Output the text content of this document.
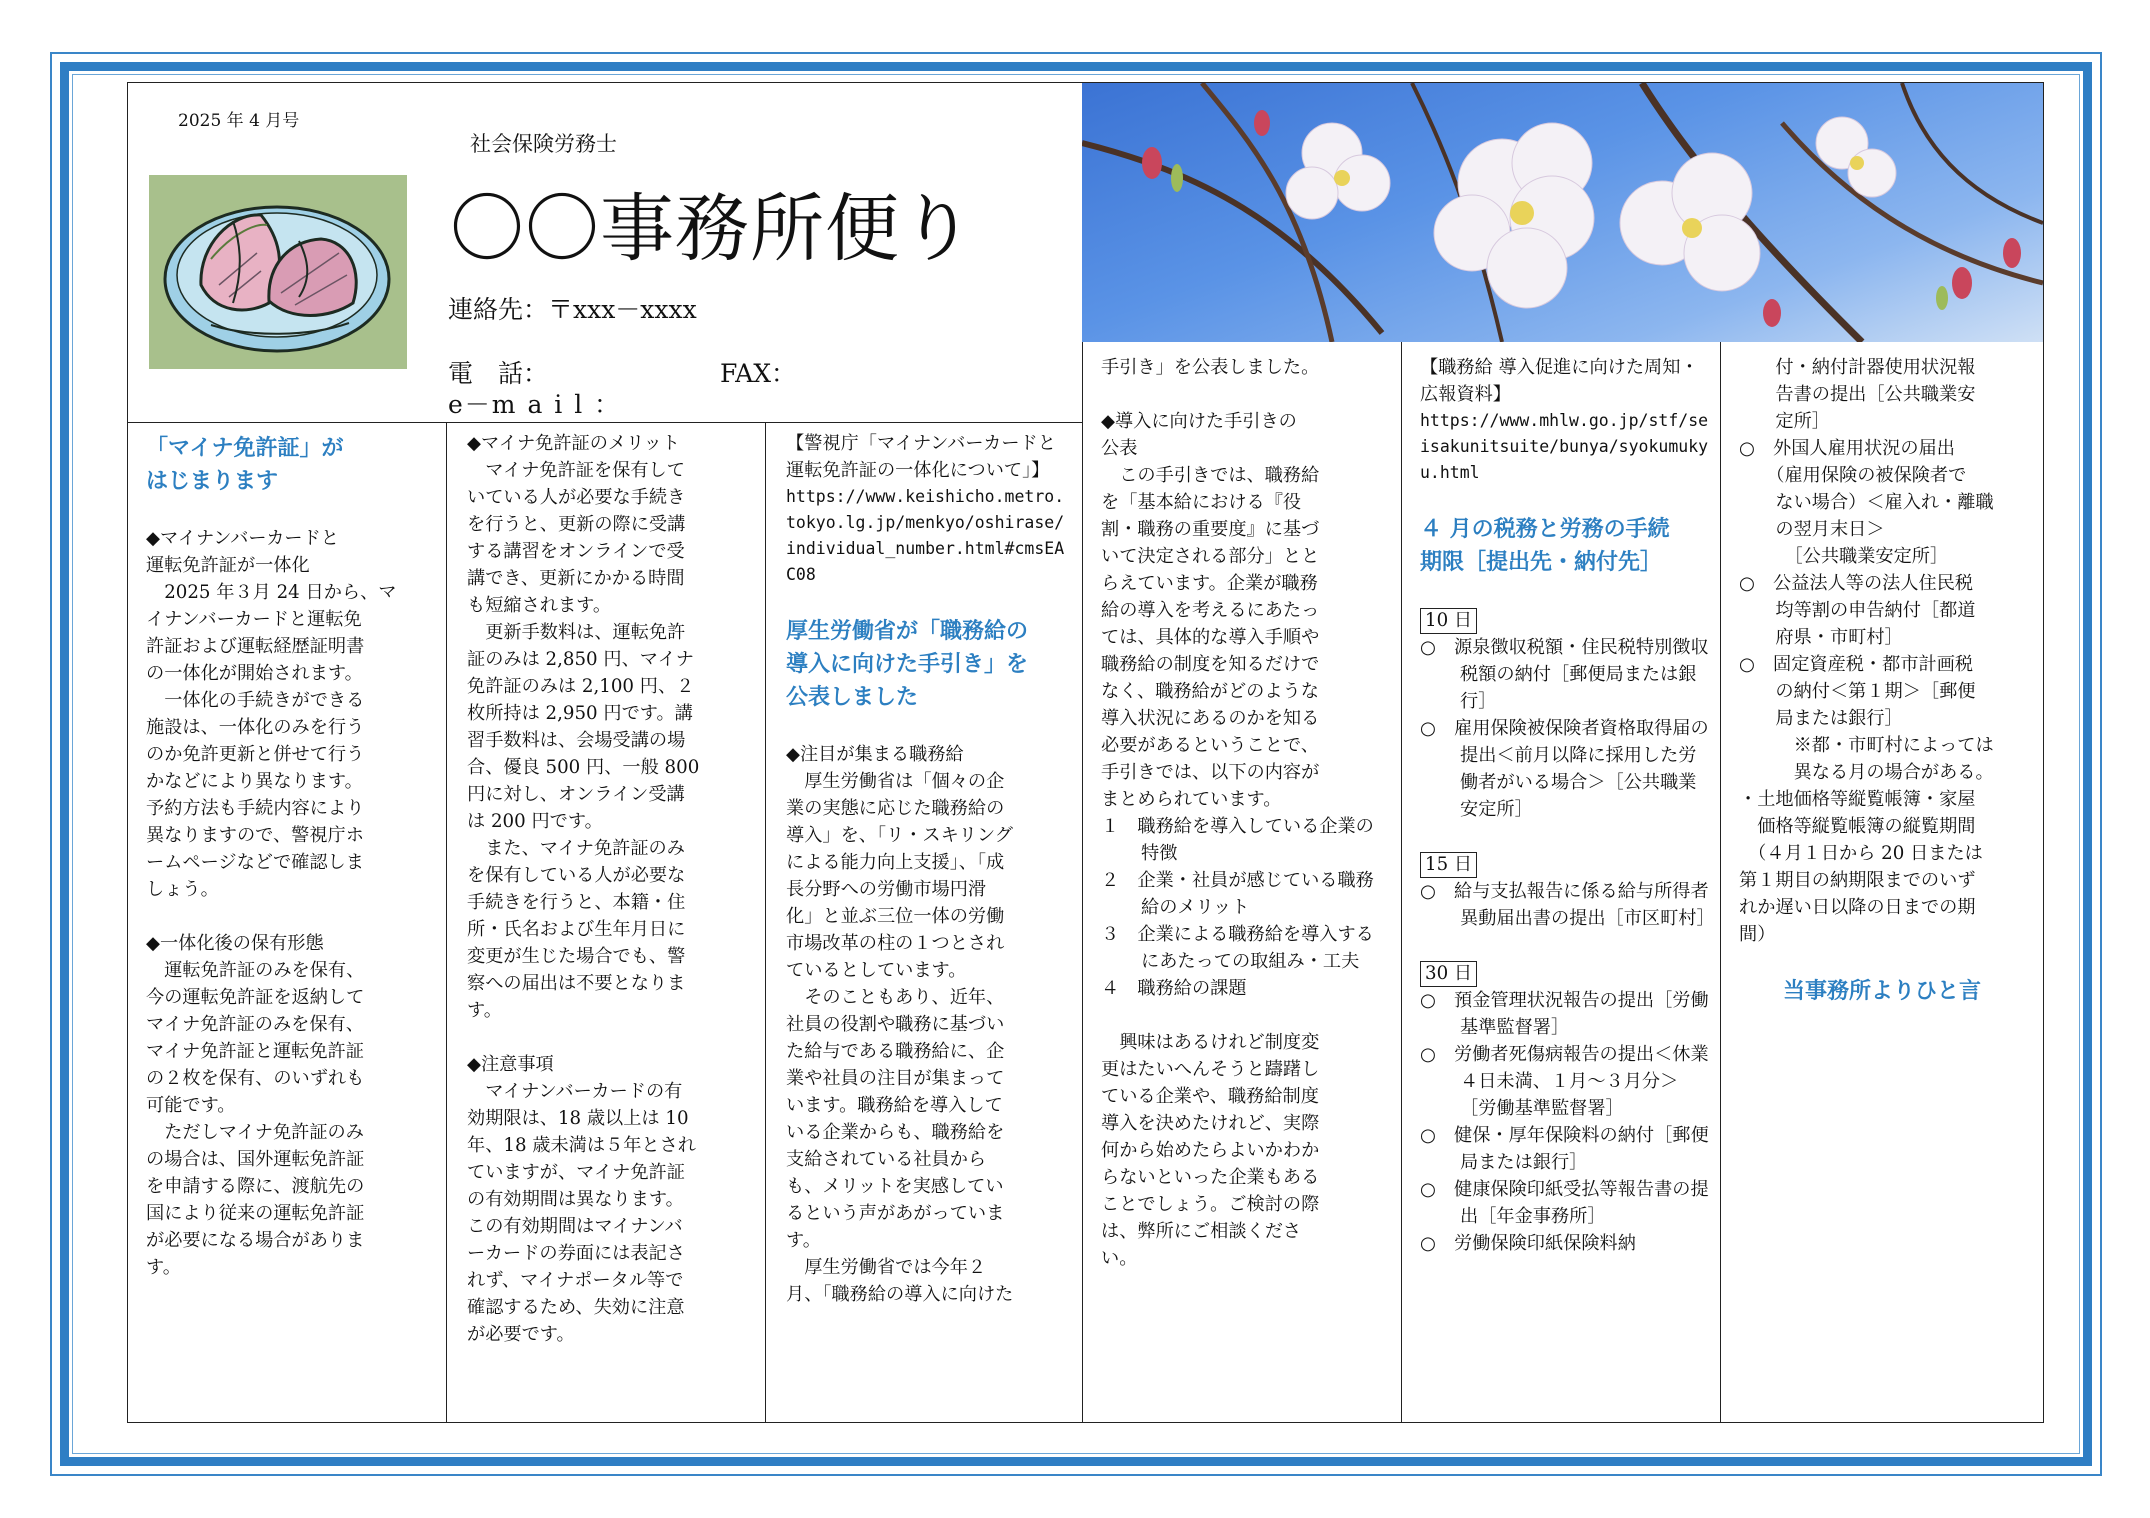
2025 年 4 月号
社会保険労務士
〇〇事務所便り
連絡先：〒xxx－xxxx
電　話：	FAX：
e－m a i l ：

「マイナ免許証」が

はじまります

◆マイナンバーカードと

運転免許証が一体化

　2025 年３月 24 日から、マ

イナンバーカードと運転免

許証および運転経歴証明書

の一体化が開始されます。

　一体化の手続きができる

施設は、一体化のみを行う

のか免許更新と併せて行う

かなどにより異なります。

予約方法も手続内容により

異なりますので、警視庁ホ

ームページなどで確認しま

しょう。

◆一体化後の保有形態

　運転免許証のみを保有、

今の運転免許証を返納して

マイナ免許証のみを保有、

マイナ免許証と運転免許証

の２枚を保有、のいずれも

可能です。

　ただしマイナ免許証のみ

の場合は、国外運転免許証

を申請する際に、渡航先の

国により従来の運転免許証

が必要になる場合がありま

す。

◆マイナ免許証のメリット

　マイナ免許証を保有して

いている人が必要な手続き

を行うと、更新の際に受講

する講習をオンラインで受

講でき、更新にかかる時間

も短縮されます。

　更新手数料は、運転免許

証のみは 2,850 円、マイナ

免許証のみは 2,100 円、２

枚所持は 2,950 円です。講

習手数料は、会場受講の場

合、優良 500 円、一般 800

円に対し、オンライン受講

は 200 円です。

　また、マイナ免許証のみ

を保有している人が必要な

手続きを行うと、本籍・住

所・氏名および生年月日に

変更が生じた場合でも、警

察への届出は不要となりま

す。

◆注意事項

　マイナンバーカードの有

効期限は、18 歳以上は 10

年、18 歳未満は５年とされ

ていますが、マイナ免許証

の有効期間は異なります。

この有効期間はマイナンバ

ーカードの券面には表記さ

れず、マイナポータル等で

確認するため、失効に注意

が必要です。

【警視庁「マイナンバーカードと運転免許証の一体化について」】

https://www.keishicho.metro.tokyo.lg.jp/menkyo/oshirase/individual_number.html#cmsEAC08

厚生労働省が「職務給の

導入に向けた手引き」を

公表しました

◆注目が集まる職務給

　厚生労働省は「個々の企

業の実態に応じた職務給の

導入」を、「リ・スキリング

による能力向上支援」、「成

長分野への労働市場円滑

化」と並ぶ三位一体の労働

市場改革の柱の１つとされ

ているとしています。

　そのこともあり、近年、

社員の役割や職務に基づい

た給与である職務給に、企

業や社員の注目が集まって

います。職務給を導入して

いる企業からも、職務給を

支給されている社員から

も、メリットを実感してい

るという声があがっていま

す。

　厚生労働省では今年２

月、「職務給の導入に向けた

手引き」を公表しました。

◆導入に向けた手引きの

公表

　この手引きでは、職務給

を「基本給における『役

割・職務の重要度』に基づ

いて決定される部分」とと

らえています。企業が職務

給の導入を考えるにあたっ

ては、具体的な導入手順や

職務給の制度を知るだけで

なく、職務給がどのような

導入状況にあるのかを知る

必要があるということで、

手引きでは、以下の内容が

まとめられています。

１　職務給を導入している企業の特徴

２　企業・社員が感じている職務給のメリット

３　企業による職務給を導入するにあたっての取組み・工夫

４　職務給の課題

　興味はあるけれど制度変

更はたいへんそうと躊躇し

ている企業や、職務給制度

導入を決めたけれど、実際

何から始めたらよいかわか

らないといった企業もある

ことでしょう。ご検討の際

は、弊所にご相談くださ

い。

【職務給 導入促進に向けた周知・広報資料】

https://www.mhlw.go.jp/stf/seisakunitsuite/bunya/syokumukyu.html

４ 月の税務と労務の手続

期限［提出先・納付先］

10 日

○　源泉徴収税額・住民税特別徴収税額の納付［郵便局または銀行］

○　雇用保険被保険者資格取得届の提出＜前月以降に採用した労働者がいる場合＞［公共職業安定所］

15 日

○　給与支払報告に係る給与所得者異動届出書の提出［市区町村］

30 日

○　預金管理状況報告の提出［労働基準監督署］

○　労働者死傷病報告の提出＜休業４日未満、１月～３月分＞［労働基準監督署］

○　健保・厚年保険料の納付［郵便局または銀行］

○　健康保険印紙受払等報告書の提出［年金事務所］

○　労働保険印紙保険料納

　　付・納付計器使用状況報

　　告書の提出［公共職業安

　　定所］

○　外国人雇用状況の届出

　　（雇用保険の被保険者で

　　ない場合）＜雇入れ・離職

　　の翌月末日＞

　　　［公共職業安定所］

○　公益法人等の法人住民税

　　均等割の申告納付［都道

　　府県・市町村］

○　固定資産税・都市計画税

　　の納付＜第１期＞［郵便

　　局または銀行］

　　　※都・市町村によっては

　　　異なる月の場合がある。

・土地価格等縦覧帳簿・家屋

　価格等縦覧帳簿の縦覧期間

　（４月１日から 20 日または

第１期目の納期限までのいず

れか遅い日以降の日までの期

間）

当事務所よりひと言
